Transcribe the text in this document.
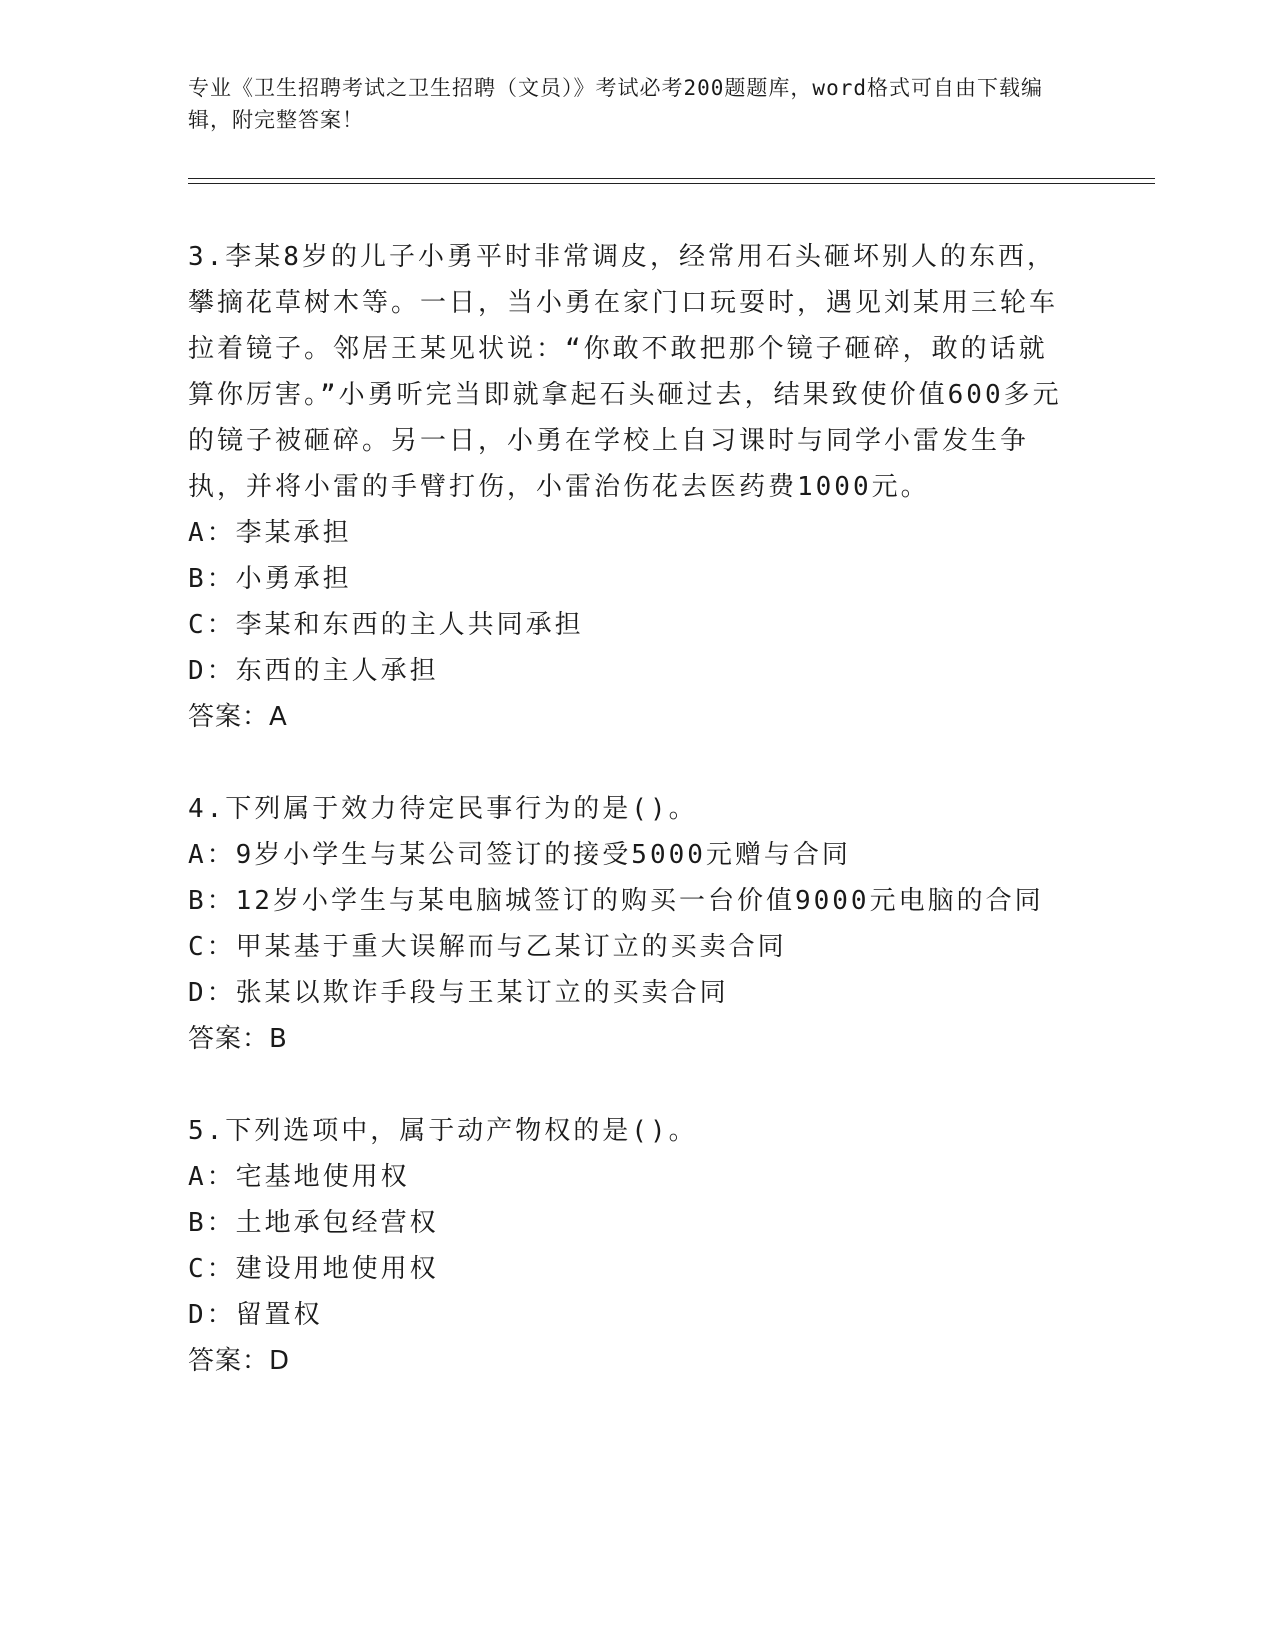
专业《卫生招聘考试之卫生招聘（文员）》考试必考200题题库，word格式可自由下载编辑，附完整答案！
3.李某8岁的儿子小勇平时非常调皮，经常用石头砸坏别人的东西，攀摘花草树木等。一日，当小勇在家门口玩耍时，遇见刘某用三轮车拉着镜子。邻居王某见状说：“你敢不敢把那个镜子砸碎，敢的话就算你厉害。”小勇听完当即就拿起石头砸过去，结果致使价值600多元的镜子被砸碎。另一日，小勇在学校上自习课时与同学小雷发生争执，并将小雷的手臂打伤，小雷治伤花去医药费1000元。
A：李某承担
B：小勇承担
C：李某和东西的主人共同承担
D：东西的主人承担
答案：A
4.下列属于效力待定民事行为的是()。
A：9岁小学生与某公司签订的接受5000元赠与合同
B：12岁小学生与某电脑城签订的购买一台价值9000元电脑的合同
C：甲某基于重大误解而与乙某订立的买卖合同
D：张某以欺诈手段与王某订立的买卖合同
答案：B
5.下列选项中，属于动产物权的是()。
A：宅基地使用权
B：土地承包经营权
C：建设用地使用权
D：留置权
答案：D
